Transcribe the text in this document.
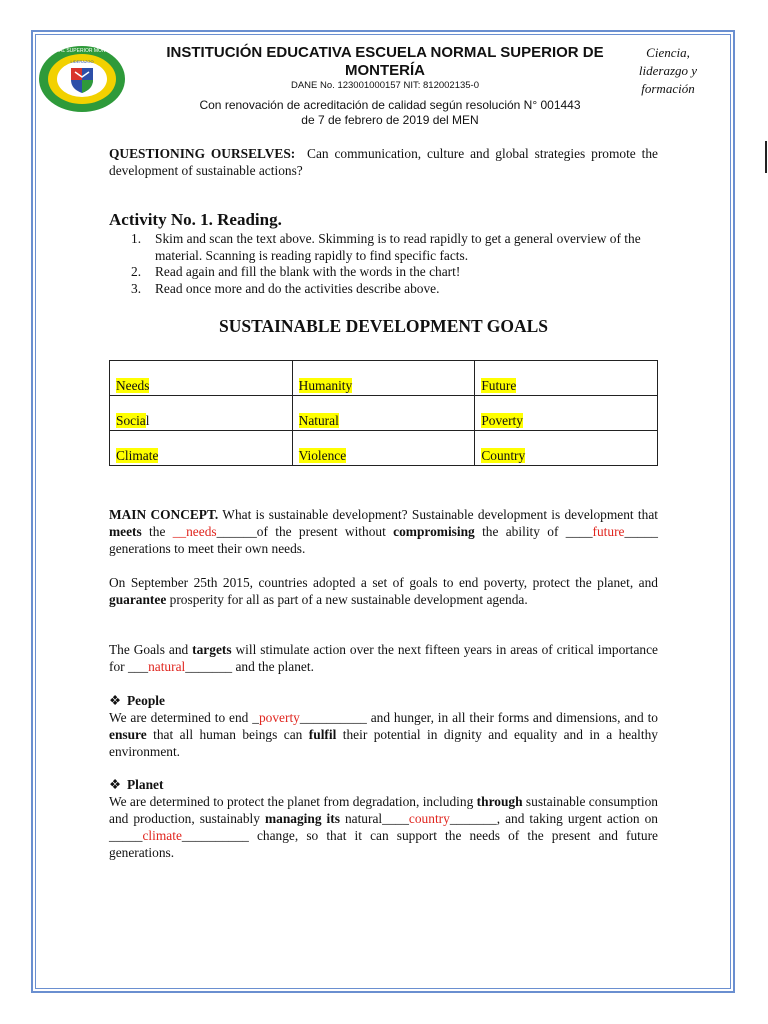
NORMAL SUPERIOR MONTERÍA
LIDERAZGO
INSTITUCIÓN EDUCATIVA ESCUELA NORMAL SUPERIOR DE MONTERÍA
DANE No. 123001000157 NIT: 812002135-0
Con renovación de acreditación de calidad según resolución N° 001443
de 7 de febrero de 2019 del MEN
Ciencia,
liderazgo y
formación
QUESTIONING OURSELVES: Can communication, culture and global strategies promote the development of sustainable actions?
Activity No. 1. Reading.
1. Skim and scan the text above. Skimming is to read rapidly to get a general overview of the material. Scanning is reading rapidly to find specific facts.
2. Read again and fill the blank with the words in the chart!
3. Read once more and do the activities describe above.
SUSTAINABLE DEVELOPMENT GOALS
Needs	Humanity	Future
Social	Natural	Poverty
Climate	Violence	Country
MAIN CONCEPT. What is sustainable development? Sustainable development is development that meets the __needs______of the present without compromising the ability of ____future_____ generations to meet their own needs.
On September 25th 2015, countries adopted a set of goals to end poverty, protect the planet, and guarantee prosperity for all as part of a new sustainable development agenda.
The Goals and targets will stimulate action over the next fifteen years in areas of critical importance for ___natural_______ and the planet.
❖ People
We are determined to end _poverty__________ and hunger, in all their forms and dimensions, and to ensure that all human beings can fulfil their potential in dignity and equality and in a healthy environment.
❖ Planet
We are determined to protect the planet from degradation, including through sustainable consumption and production, sustainably managing its natural____country_______, and taking urgent action on _____climate__________ change, so that it can support the needs of the present and future generations.
